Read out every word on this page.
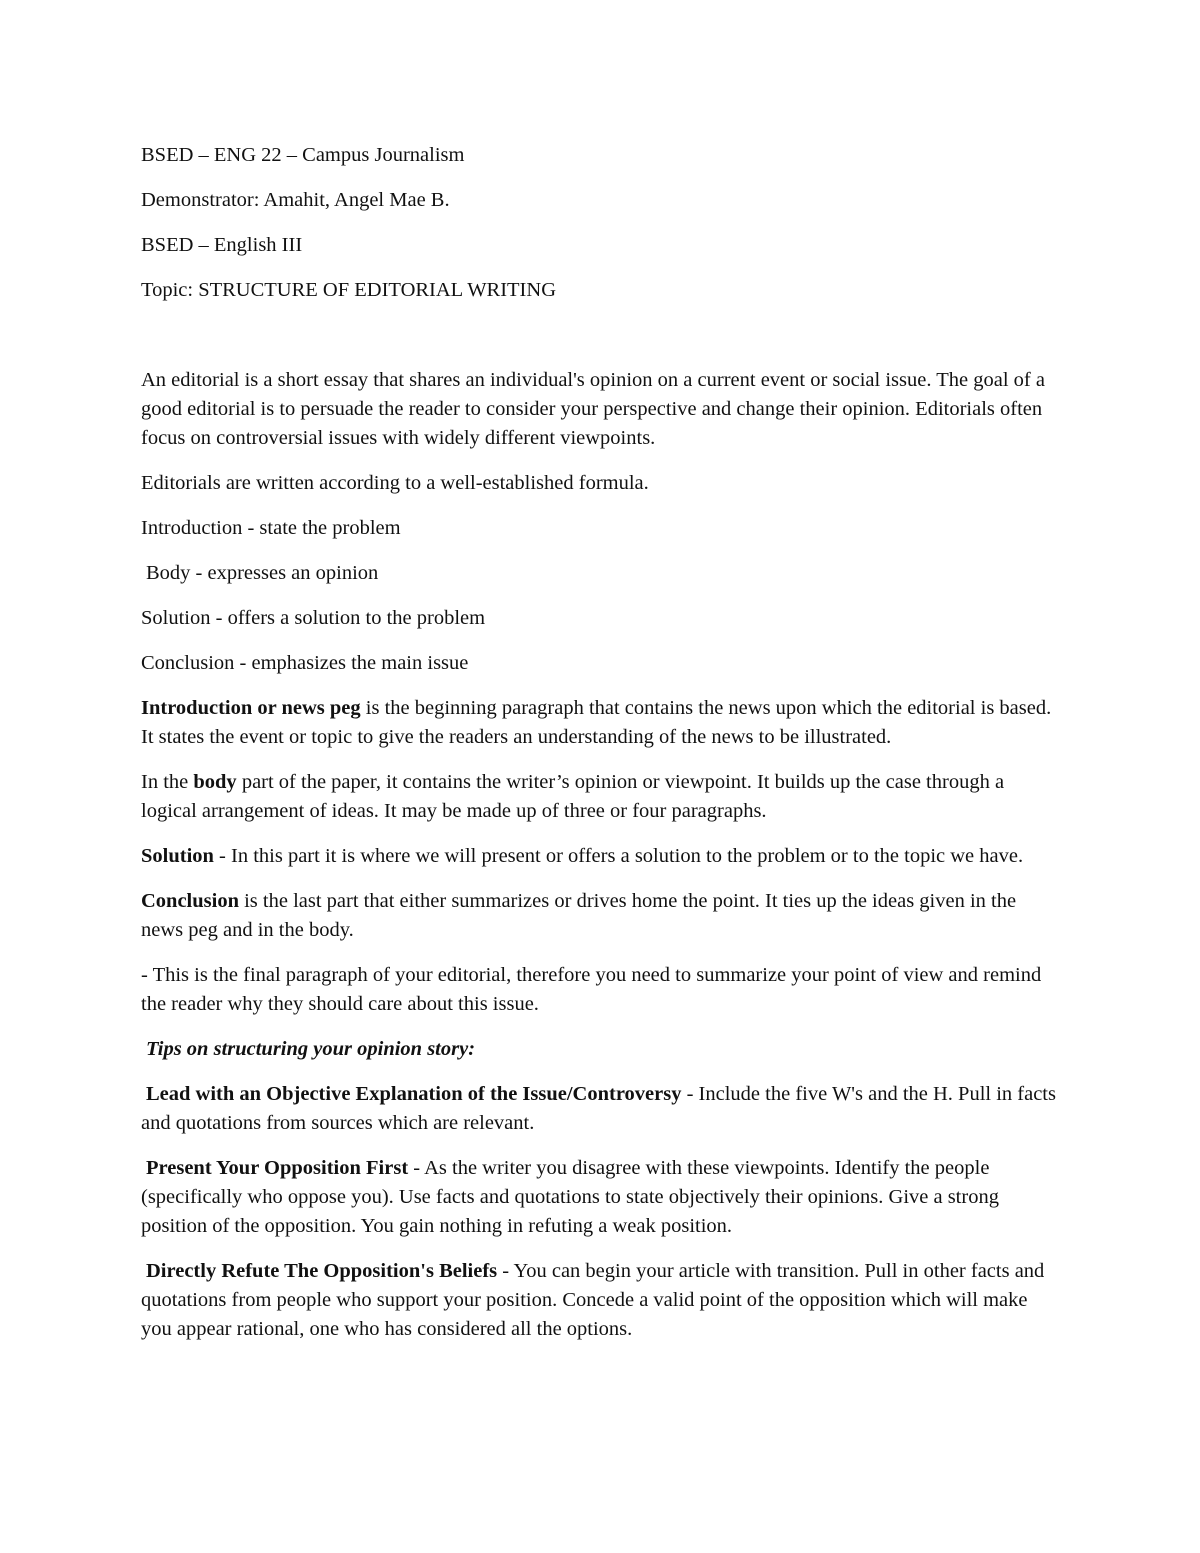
BSED – ENG 22 – Campus Journalism
Demonstrator: Amahit, Angel Mae B.
BSED – English III
Topic: STRUCTURE OF EDITORIAL WRITING

An editorial is a short essay that shares an individual's opinion on a current event or social issue. The goal of a good editorial is to persuade the reader to consider your perspective and change their opinion. Editorials often focus on controversial issues with widely different viewpoints.

Editorials are written according to a well-established formula.

Introduction - state the problem
Body - expresses an opinion
Solution - offers a solution to the problem
Conclusion - emphasizes the main issue

Introduction or news peg is the beginning paragraph that contains the news upon which the editorial is based. It states the event or topic to give the readers an understanding of the news to be illustrated.

In the body part of the paper, it contains the writer’s opinion or viewpoint. It builds up the case through a logical arrangement of ideas. It may be made up of three or four paragraphs.

Solution - In this part it is where we will present or offers a solution to the problem or to the topic we have.

Conclusion is the last part that either summarizes or drives home the point. It ties up the ideas given in the news peg and in the body.

- This is the final paragraph of your editorial, therefore you need to summarize your point of view and remind the reader why they should care about this issue.

Tips on structuring your opinion story:

Lead with an Objective Explanation of the Issue/Controversy - Include the five W's and the H. Pull in facts and quotations from sources which are relevant.

Present Your Opposition First - As the writer you disagree with these viewpoints. Identify the people (specifically who oppose you). Use facts and quotations to state objectively their opinions. Give a strong position of the opposition. You gain nothing in refuting a weak position.

Directly Refute The Opposition's Beliefs - You can begin your article with transition. Pull in other facts and quotations from people who support your position. Concede a valid point of the opposition which will make you appear rational, one who has considered all the options.
